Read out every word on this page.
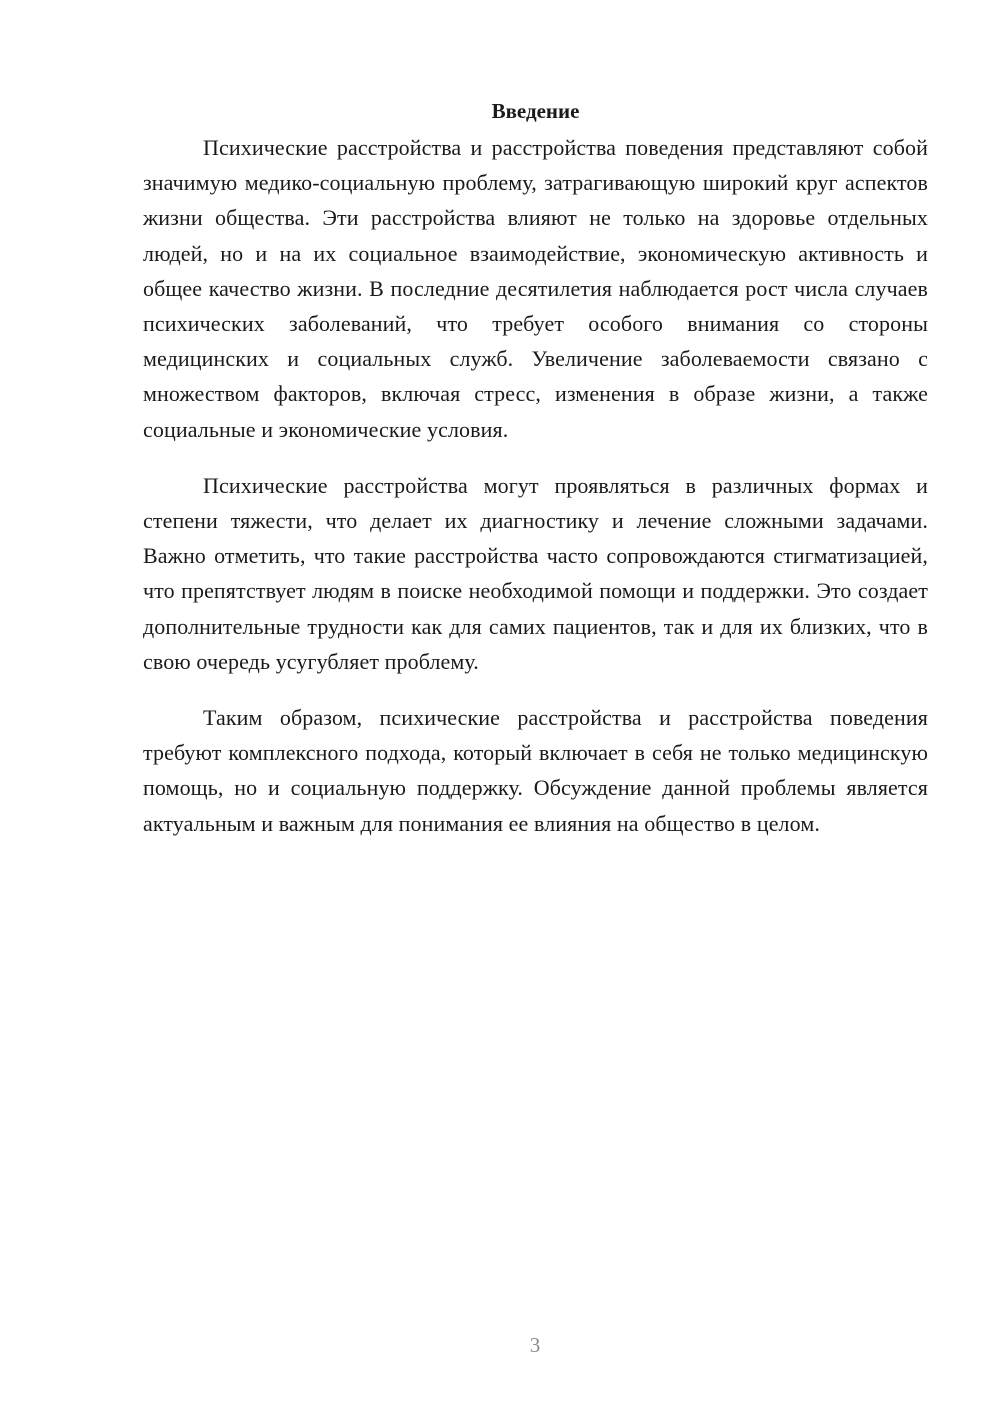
Введение

Психические расстройства и расстройства поведения представляют собой значимую медико-социальную проблему, затрагивающую широкий круг аспектов жизни общества. Эти расстройства влияют не только на здоровье отдельных людей, но и на их социальное взаимодействие, экономическую активность и общее качество жизни. В последние десятилетия наблюдается рост числа случаев психических заболеваний, что требует особого внимания со стороны медицинских и социальных служб. Увеличение заболеваемости связано с множеством факторов, включая стресс, изменения в образе жизни, а также социальные и экономические условия.

Психические расстройства могут проявляться в различных формах и степени тяжести, что делает их диагностику и лечение сложными задачами. Важно отметить, что такие расстройства часто сопровождаются стигматизацией, что препятствует людям в поиске необходимой помощи и поддержки. Это создает дополнительные трудности как для самих пациентов, так и для их близких, что в свою очередь усугубляет проблему.

Таким образом, психические расстройства и расстройства поведения требуют комплексного подхода, который включает в себя не только медицинскую помощь, но и социальную поддержку. Обсуждение данной проблемы является актуальным и важным для понимания ее влияния на общество в целом.

3
